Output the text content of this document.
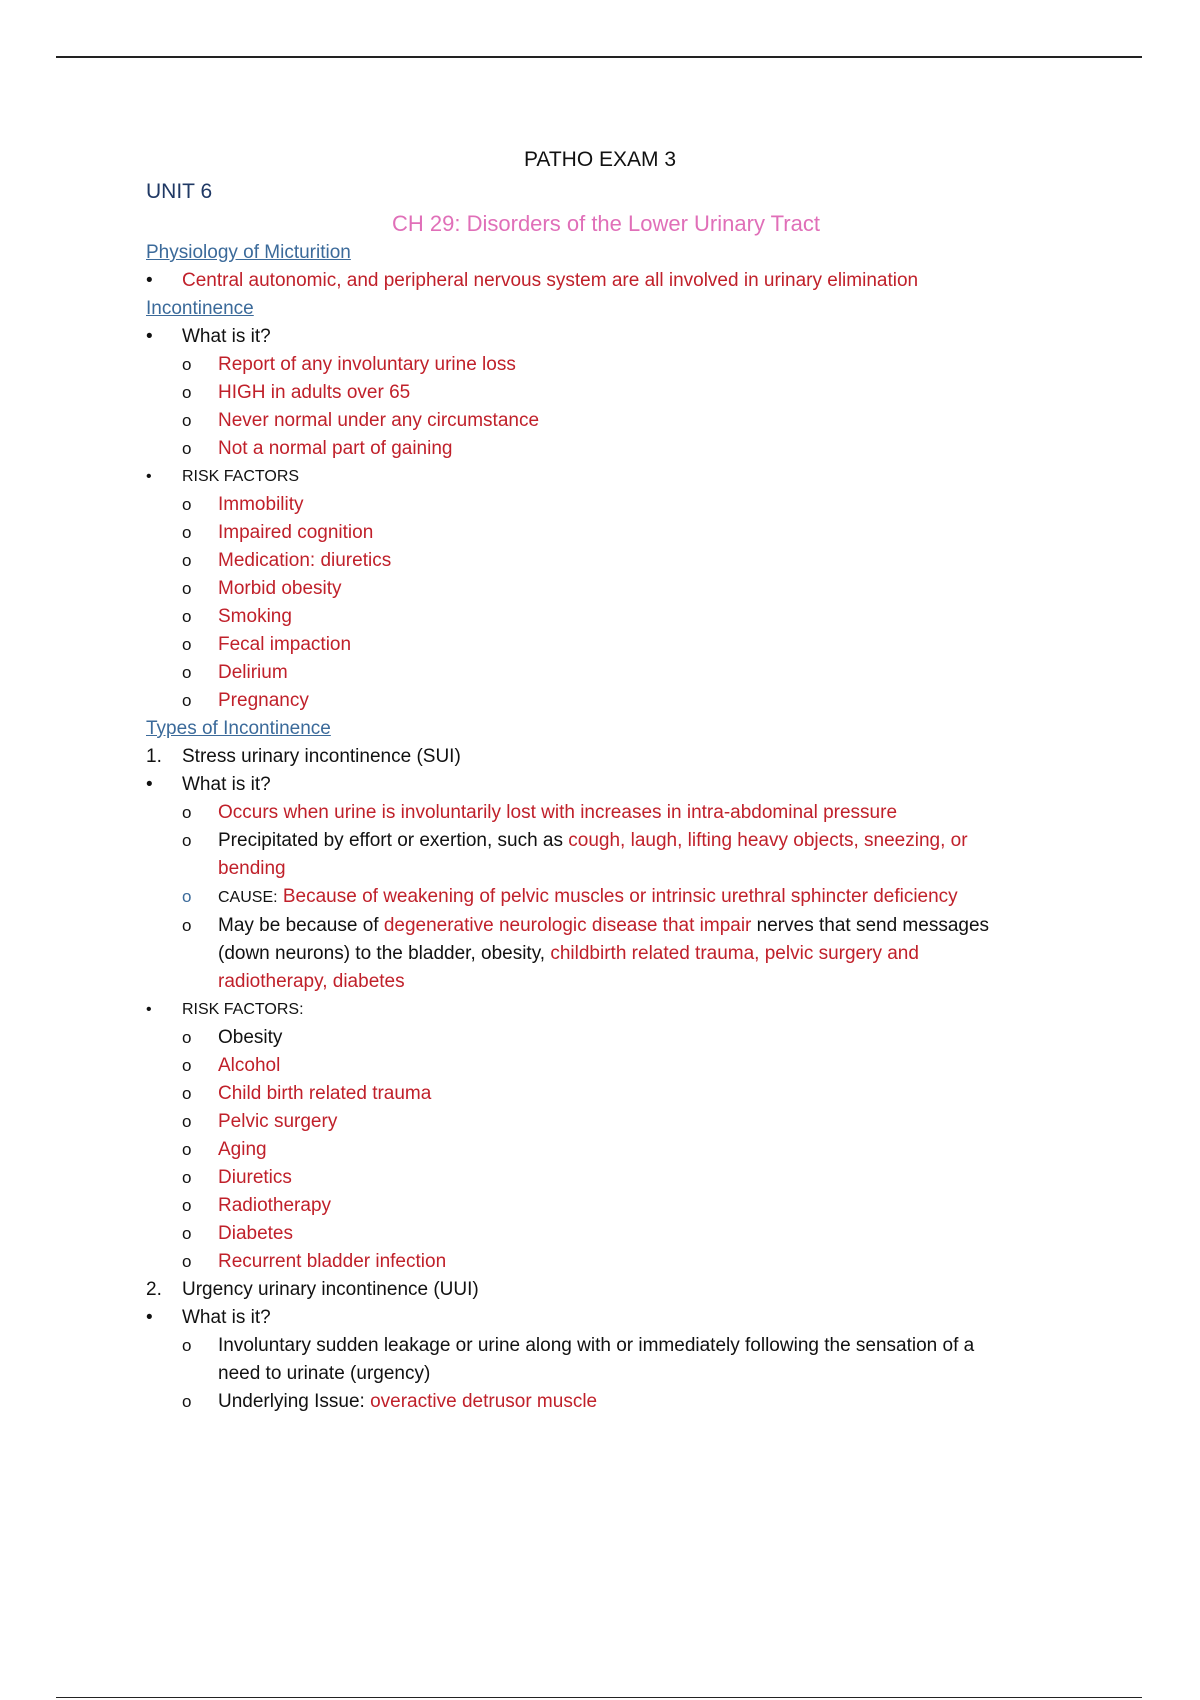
PATHO EXAM 3
UNIT 6
CH 29: Disorders of the Lower Urinary Tract
Physiology of Micturition
• Central autonomic, and peripheral nervous system are all involved in urinary elimination
Incontinence
• What is it?
o Report of any involuntary urine loss
o HIGH in adults over 65
o Never normal under any circumstance
o Not a normal part of gaining
• RISK FACTORS
o Immobility
o Impaired cognition
o Medication: diuretics
o Morbid obesity
o Smoking
o Fecal impaction
o Delirium
o Pregnancy
Types of Incontinence
1. Stress urinary incontinence (SUI)
• What is it?
o Occurs when urine is involuntarily lost with increases in intra-abdominal pressure
o Precipitated by effort or exertion, such as cough, laugh, lifting heavy objects, sneezing, or
bending
o CAUSE: Because of weakening of pelvic muscles or intrinsic urethral sphincter deficiency
o May be because of degenerative neurologic disease that impair nerves that send messages
(down neurons) to the bladder, obesity, childbirth related trauma, pelvic surgery and
radiotherapy, diabetes
• RISK FACTORS:
o Obesity
o Alcohol
o Child birth related trauma
o Pelvic surgery
o Aging
o Diuretics
o Radiotherapy
o Diabetes
o Recurrent bladder infection
2. Urgency urinary incontinence (UUI)
• What is it?
o Involuntary sudden leakage or urine along with or immediately following the sensation of a
need to urinate (urgency)
o Underlying Issue: overactive detrusor muscle
